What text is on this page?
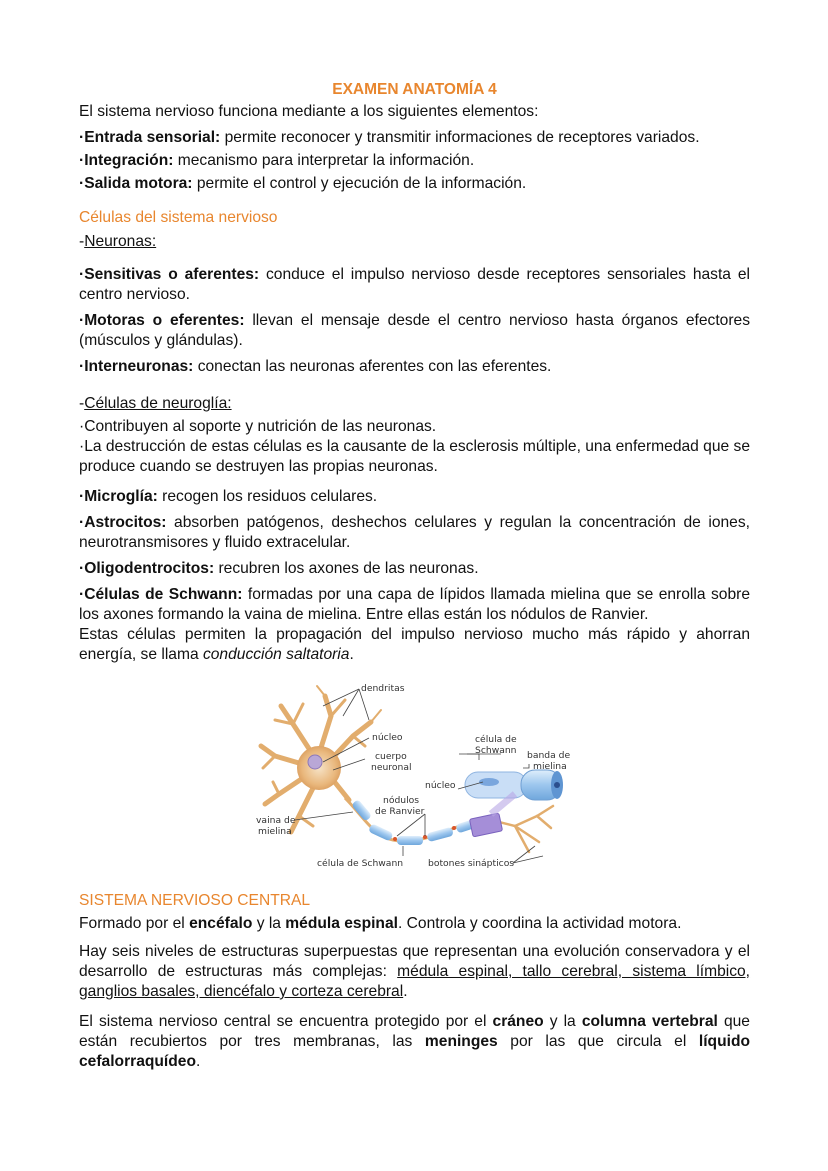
EXAMEN ANATOMÍA 4

El sistema nervioso funciona mediante a los siguientes elementos:

·Entrada sensorial: permite reconocer y transmitir informaciones de receptores variados.

·Integración: mecanismo para interpretar la información.

·Salida motora: permite el control y ejecución de la información.

Células del sistema nervioso

-Neuronas:

·Sensitivas o aferentes: conduce el impulso nervioso desde receptores sensoriales hasta el centro nervioso.

·Motoras o eferentes: llevan el mensaje desde el centro nervioso hasta órganos efectores (músculos y glándulas).

·Interneuronas: conectan las neuronas aferentes con las eferentes.

-Células de neuroglía:

·Contribuyen al soporte y nutrición de las neuronas.

·La destrucción de estas células es la causante de la esclerosis múltiple, una enfermedad que se produce cuando se destruyen las propias neuronas.

·Microglía: recogen los residuos celulares.

·Astrocitos: absorben patógenos, deshechos celulares y regulan la concentración de iones, neurotransmisores y fluido extracelular.

·Oligodentrocitos: recubren los axones de las neuronas.

·Células de Schwann: formadas por una capa de lípidos llamada mielina que se enrolla sobre los axones formando la vaina de mielina. Entre ellas están los nódulos de Ranvier.

Estas células permiten la propagación del impulso nervioso mucho más rápido y ahorran energía, se llama conducción saltatoria.

dendritas
núcleo
cuerpo
neuronal
célula de
Schwann banda de
mielina
núcleo
nódulos
de Ranvier
vaina de
mielina
célula de Schwann	botones sinápticos

SISTEMA NERVIOSO CENTRAL

Formado por el encéfalo y la médula espinal. Controla y coordina la actividad motora.

Hay seis niveles de estructuras superpuestas que representan una evolución conservadora y el desarrollo de estructuras más complejas: médula espinal, tallo cerebral, sistema límbico, ganglios basales, diencéfalo y corteza cerebral.

El sistema nervioso central se encuentra protegido por el cráneo y la columna vertebral que están recubiertos por tres membranas, las meninges por las que circula el líquido cefalorraquídeo.
